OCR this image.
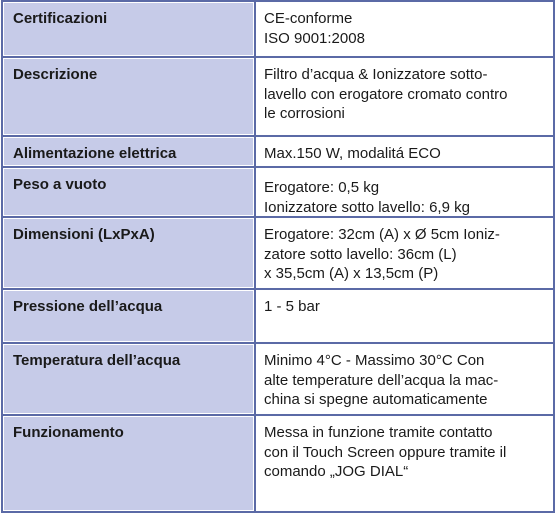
Certificazioni	CE-conforme
ISO 9001:2008
Descrizione	Filtro d’acqua & Ionizzatore sotto-
lavello con erogatore cromato contro
le corrosioni
Alimentazione elettrica	Max.150 W, modalitá ECO
Peso a vuoto	Erogatore: 0,5 kg
Ionizzatore sotto lavello: 6,9 kg
Dimensioni (LxPxA)	Erogatore: 32cm (A) x Ø 5cm Ioniz-
zatore sotto lavello: 36cm (L)
x 35,5cm (A) x 13,5cm (P)
Pressione dell’acqua	1 - 5 bar
Temperatura dell’acqua	Minimo 4°C - Massimo 30°C Con
alte temperature dell’acqua la mac-
china si spegne automaticamente
Funzionamento	Messa in funzione tramite contatto
con il Touch Screen oppure tramite il
comando „JOG DIAL“
